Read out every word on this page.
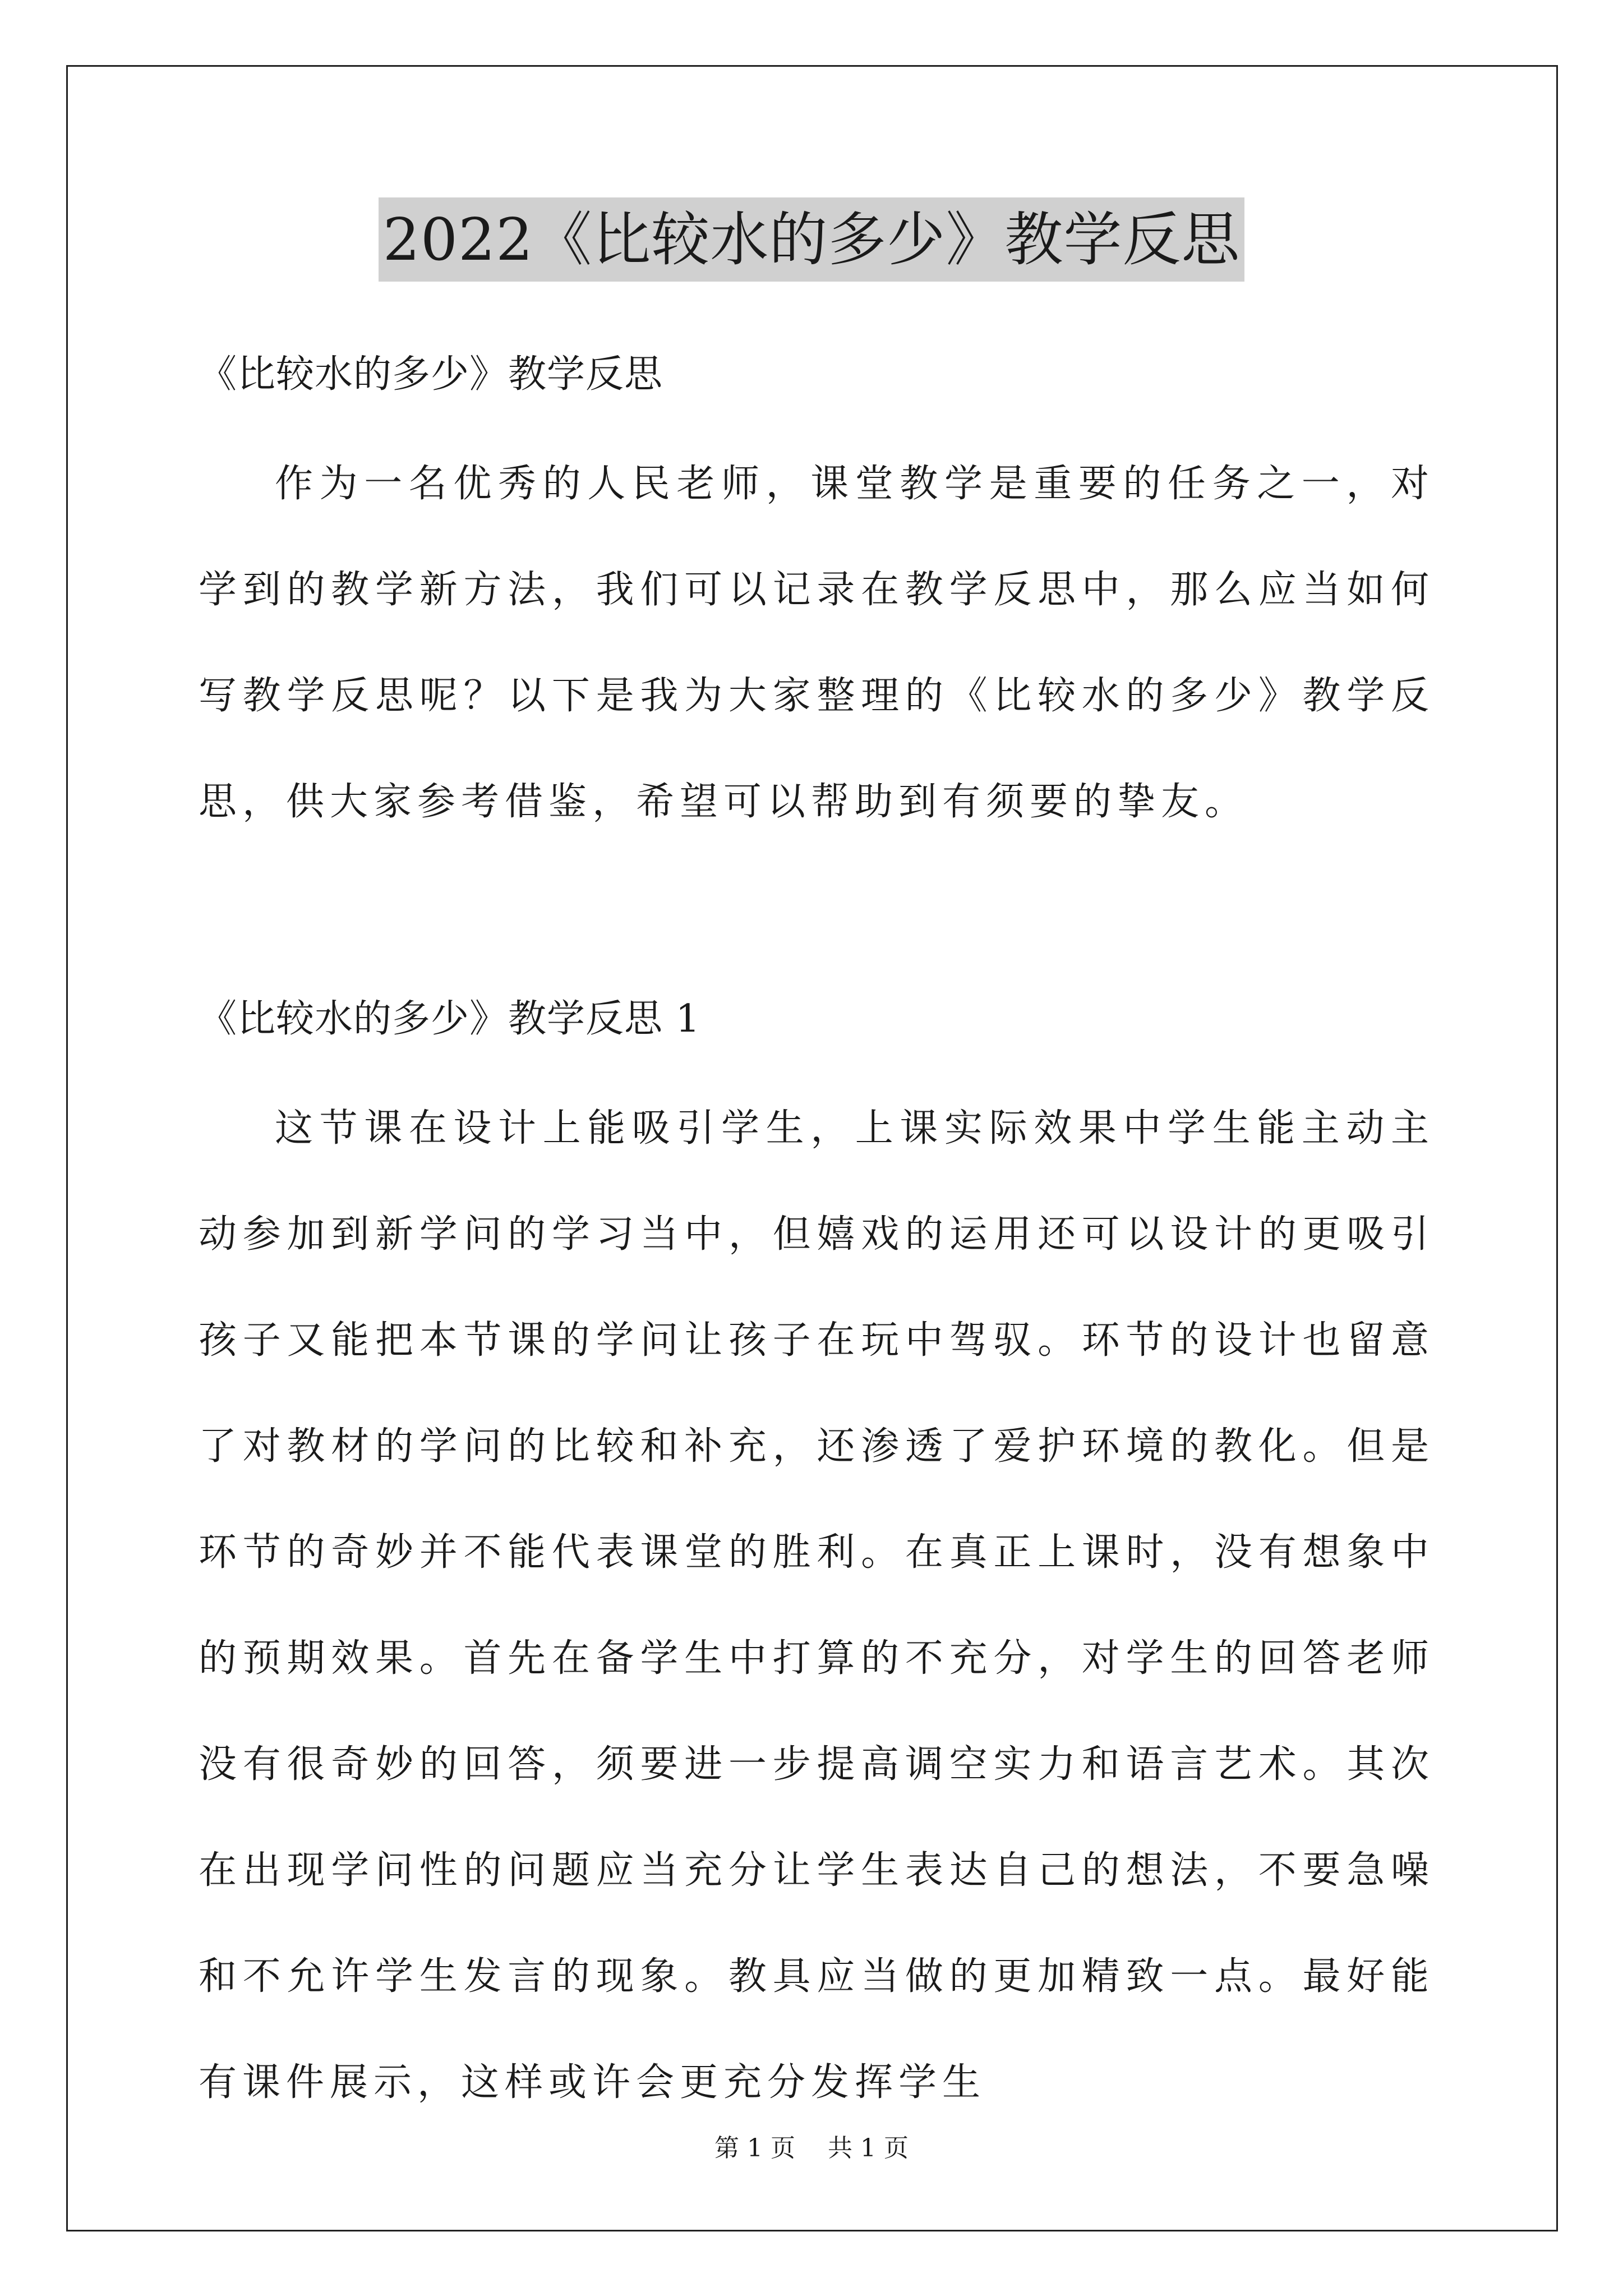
2022《比较水的多少》教学反思

《比较水的多少》教学反思

作为一名优秀的人民老师，课堂教学是重要的任务之一，对学到的教学新方法，我们可以记录在教学反思中，那么应当如何写教学反思呢？以下是我为大家整理的《比较水的多少》教学反思，供大家参考借鉴，希望可以帮助到有须要的挚友。

《比较水的多少》教学反思 1

这节课在设计上能吸引学生，上课实际效果中学生能主动主动参加到新学问的学习当中，但嬉戏的运用还可以设计的更吸引孩子又能把本节课的学问让孩子在玩中驾驭。环节的设计也留意了对教材的学问的比较和补充，还渗透了爱护环境的教化。但是环节的奇妙并不能代表课堂的胜利。在真正上课时，没有想象中的预期效果。首先在备学生中打算的不充分，对学生的回答老师没有很奇妙的回答，须要进一步提高调空实力和语言艺术。其次在出现学问性的问题应当充分让学生表达自己的想法，不要急噪和不允许学生发言的现象。教具应当做的更加精致一点。最好能有课件展示，这样或许会更充分发挥学生

第 1 页 共 1 页
